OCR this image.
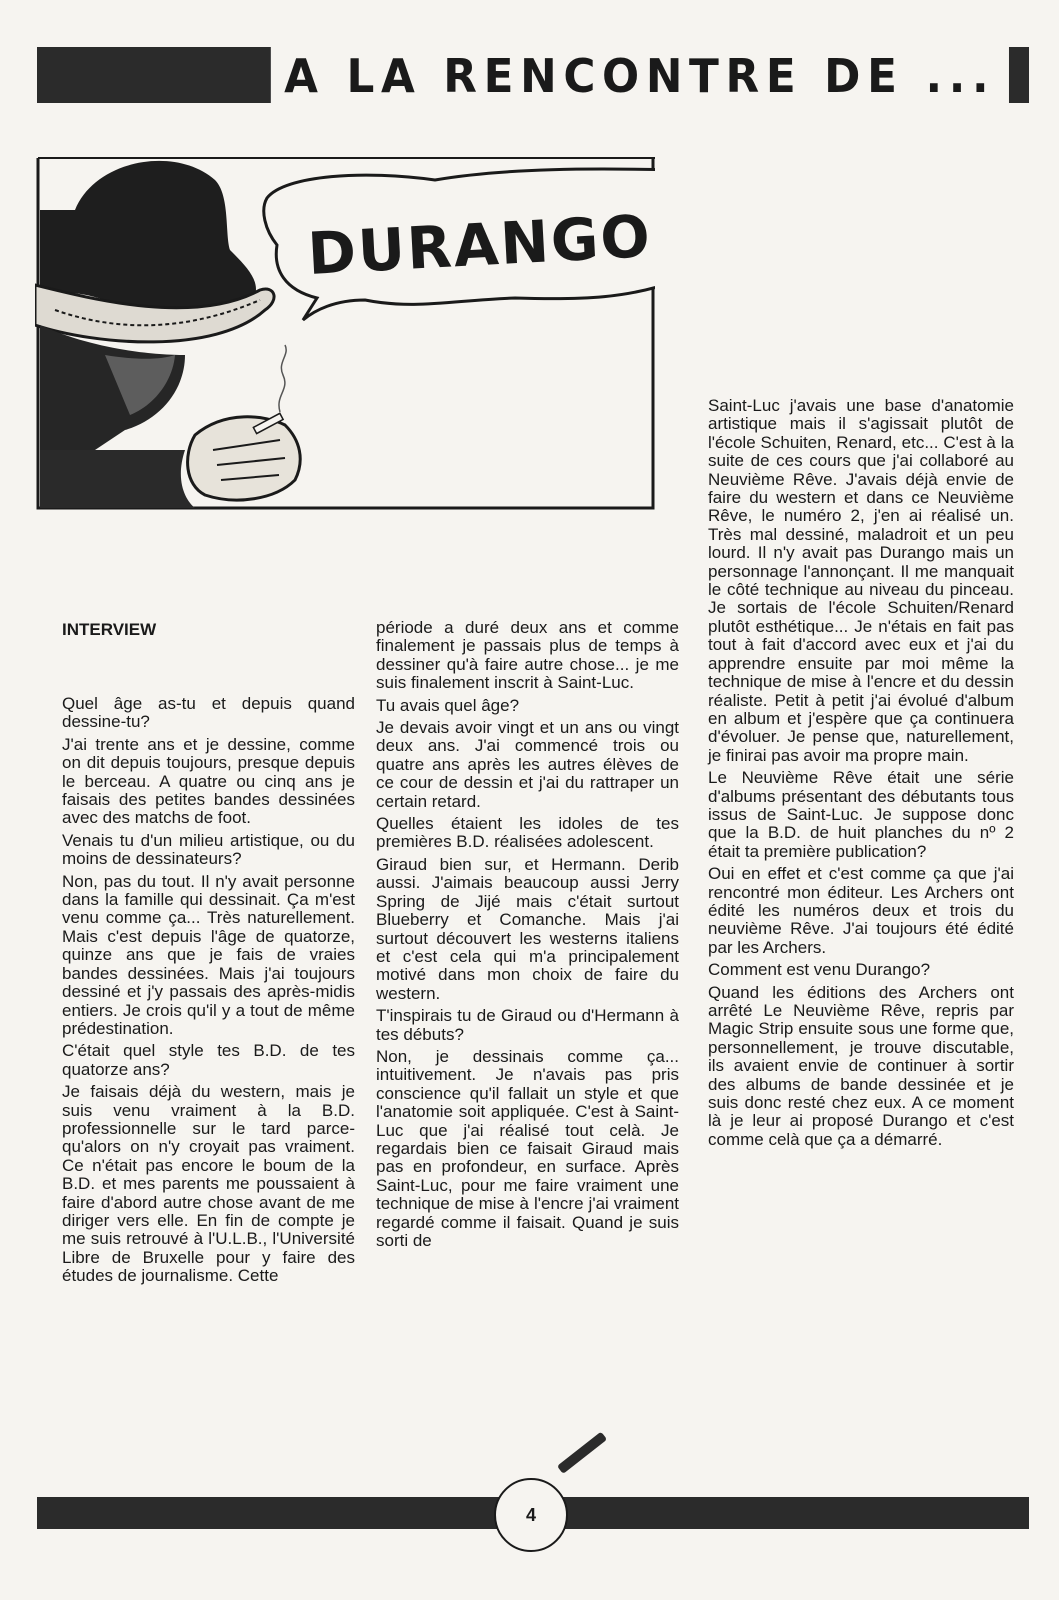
A LA RENCONTRE DE ...
DURANGO
INTERVIEW

Quel âge as-tu et depuis quand dessine-tu?

J'ai trente ans et je dessine, comme on dit depuis toujours, presque depuis le berceau. A quatre ou cinq ans je faisais des petites bandes dessinées avec des matchs de foot.

Venais tu d'un milieu artistique, ou du moins de dessinateurs?

Non, pas du tout. Il n'y avait personne dans la famille qui dessinait. Ça m'est venu comme ça... Très naturellement. Mais c'est depuis l'âge de quatorze, quinze ans que je fais de vraies bandes dessinées. Mais j'ai toujours dessiné et j'y passais des après-midis entiers. Je crois qu'il y a tout de même prédestination.

C'était quel style tes B.D. de tes quatorze ans?

Je faisais déjà du western, mais je suis venu vraiment à la B.D. professionnelle sur le tard parce-qu'alors on n'y croyait pas vraiment. Ce n'était pas encore le boum de la B.D. et mes parents me poussaient à faire d'abord autre chose avant de me diriger vers elle. En fin de compte je me suis retrouvé à l'U.L.B., l'Université Libre de Bruxelle pour y faire des études de journalisme. Cette

période a duré deux ans et comme finalement je passais plus de temps à dessiner qu'à faire autre chose... je me suis finalement inscrit à Saint-Luc.

Tu avais quel âge?

Je devais avoir vingt et un ans ou vingt deux ans. J'ai commencé trois ou quatre ans après les autres élèves de ce cour de dessin et j'ai du rattraper un certain retard.

Quelles étaient les idoles de tes premières B.D. réalisées adolescent.

Giraud bien sur, et Hermann. Derib aussi. J'aimais beaucoup aussi Jerry Spring de Jijé mais c'était surtout Blueberry et Comanche. Mais j'ai surtout découvert les westerns italiens et c'est cela qui m'a principalement motivé dans mon choix de faire du western.

T'inspirais tu de Giraud ou d'Hermann à tes débuts?

Non, je dessinais comme ça... intuitivement. Je n'avais pas pris conscience qu'il fallait un style et que l'anatomie soit appliquée. C'est à Saint-Luc que j'ai réalisé tout celà. Je regardais bien ce faisait Giraud mais pas en profondeur, en surface. Après Saint-Luc, pour me faire vraiment une technique de mise à l'encre j'ai vraiment regardé comme il faisait. Quand je suis sorti de

Saint-Luc j'avais une base d'anatomie artistique mais il s'agissait plutôt de l'école Schuiten, Renard, etc... C'est à la suite de ces cours que j'ai collaboré au Neuvième Rêve. J'avais déjà envie de faire du western et dans ce Neuvième Rêve, le numéro 2, j'en ai réalisé un. Très mal dessiné, maladroit et un peu lourd. Il n'y avait pas Durango mais un personnage l'annonçant. Il me manquait le côté technique au niveau du pinceau. Je sortais de l'école Schuiten/Renard plutôt esthétique... Je n'étais en fait pas tout à fait d'accord avec eux et j'ai du apprendre ensuite par moi même la technique de mise à l'encre et du dessin réaliste. Petit à petit j'ai évolué d'album en album et j'espère que ça continuera d'évoluer. Je pense que, naturellement, je finirai pas avoir ma propre main.

Le Neuvième Rêve était une série d'albums présentant des débutants tous issus de Saint-Luc. Je suppose donc que la B.D. de huit planches du nº 2 était ta première publication?

Oui en effet et c'est comme ça que j'ai rencontré mon éditeur. Les Archers ont édité les numéros deux et trois du neuvième Rêve. J'ai toujours été édité par les Archers.

Comment est venu Durango?

Quand les éditions des Archers ont arrêté Le Neuvième Rêve, repris par Magic Strip ensuite sous une forme que, personnellement, je trouve discutable, ils avaient envie de continuer à sortir des albums de bande dessinée et je suis donc resté chez eux. A ce moment là je leur ai proposé Durango et c'est comme celà que ça a démarré.

4
